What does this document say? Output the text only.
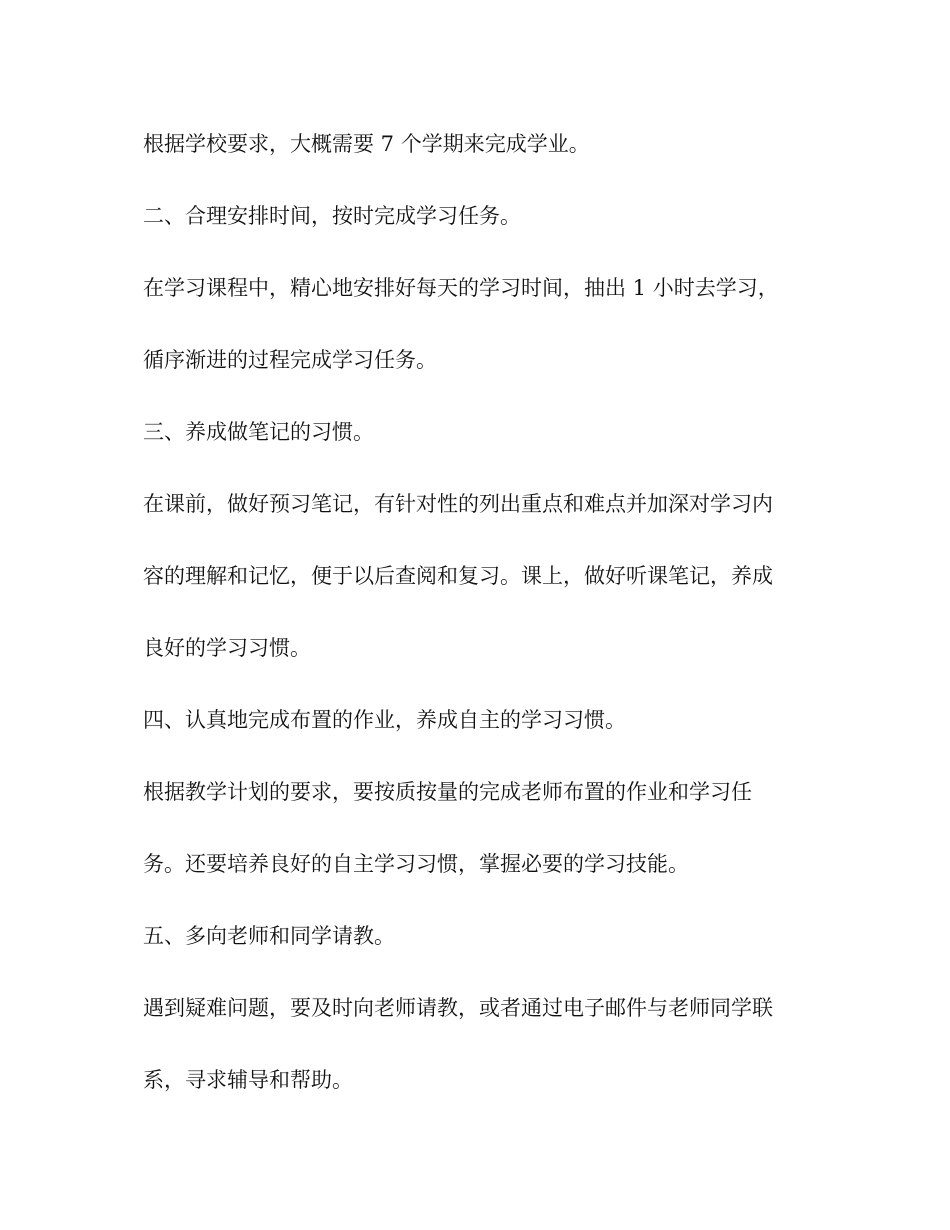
根据学校要求，大概需要 7 个学期来完成学业。
二、合理安排时间，按时完成学习任务。
在学习课程中，精心地安排好每天的学习时间，抽出 1 小时去学习，
循序渐进的过程完成学习任务。
三、养成做笔记的习惯。
在课前，做好预习笔记，有针对性的列出重点和难点并加深对学习内
容的理解和记忆，便于以后查阅和复习。课上，做好听课笔记，养成
良好的学习习惯。
四、认真地完成布置的作业，养成自主的学习习惯。
根据教学计划的要求，要按质按量的完成老师布置的作业和学习任
务。还要培养良好的自主学习习惯，掌握必要的学习技能。
五、多向老师和同学请教。
遇到疑难问题，要及时向老师请教，或者通过电子邮件与老师同学联
系，寻求辅导和帮助。
